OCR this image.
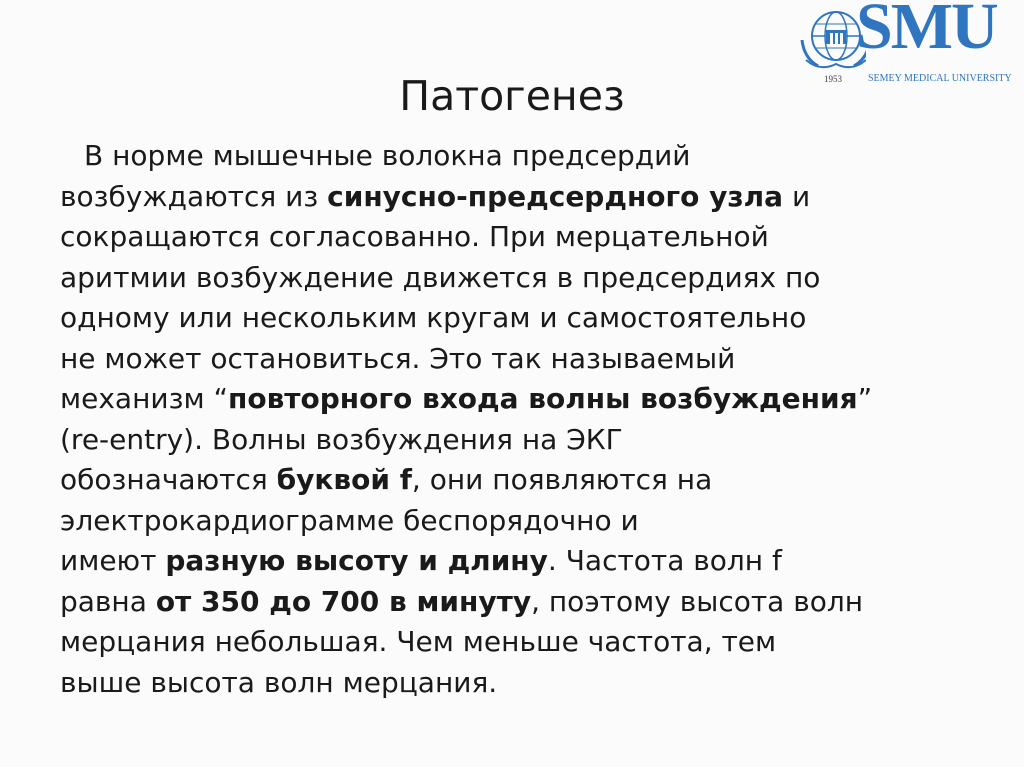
SMU
1953	SEMEY MEDICAL UNIVERSITY
Патогенез
В норме мышечные волокна предсердий
возбуждаются из синусно-предсердного узла и
сокращаются согласованно. При мерцательной
аритмии возбуждение движется в предсердиях по
одному или нескольким кругам и самостоятельно
не может остановиться. Это так называемый
механизм “повторного входа волны возбуждения”
(re-entry). Волны возбуждения на ЭКГ
обозначаются буквой f, они появляются на
электрокардиограмме беспорядочно и
имеют разную высоту и длину. Частота волн f
равна от 350 до 700 в минуту, поэтому высота волн
мерцания небольшая. Чем меньше частота, тем
выше высота волн мерцания.
